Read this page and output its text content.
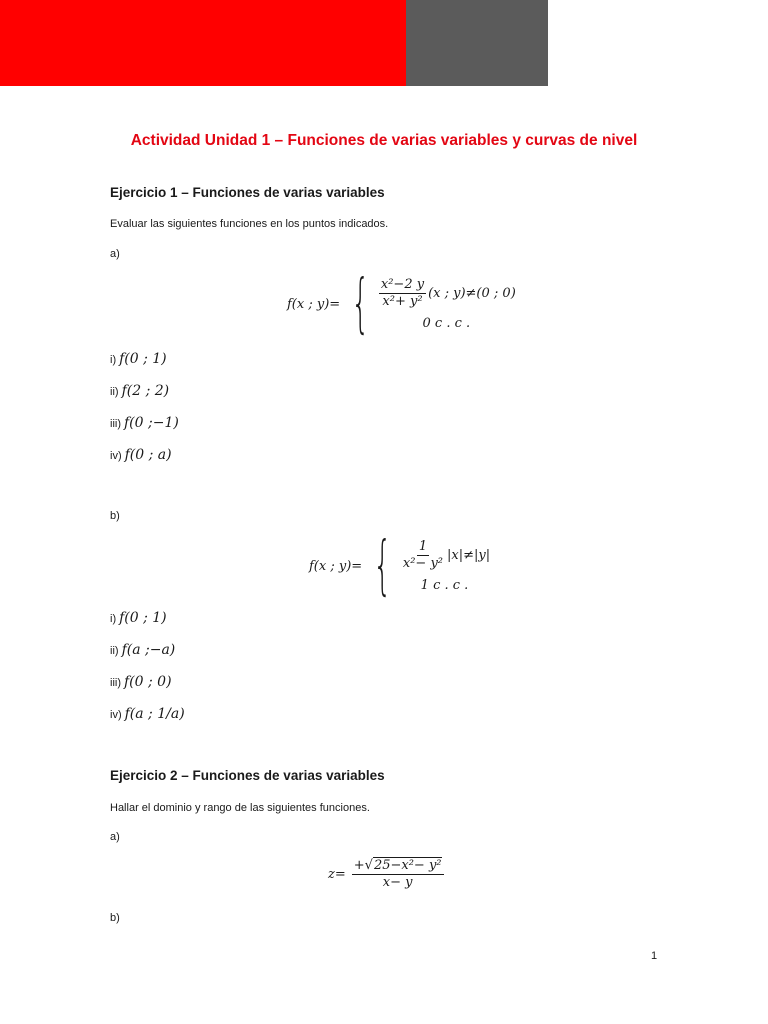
Actividad Unidad 1 – Funciones de varias variables y curvas de nivel
Ejercicio 1 – Funciones de varias variables
Evaluar las siguientes funciones en los puntos indicados.
a)
f(x ; y)= { $\frac{\text{x²−2 y}}{\text{x²+ y²}} (x$ ; y)≠(0 ; 0)
0 c . c .
i) f(0 ; 1)
ii) f(2 ; 2)
iii) f(0 ;−1)
iv) f(0 ; a)
b)
f(x ; y)= { $\frac{1}{\text{x²− y²}} |x|\ne|y|$
1 c . c .
i) f(0 ; 1)
ii) f(a ;−a)
iii) f(0 ; 0)
iv) f(a ; 1/a)
Ejercicio 2 – Funciones de varias variables
Hallar el dominio y rango de las siguientes funciones.
a)
$z= \frac{\text{+√25−x²− y²}}{x- y}$
b)
1
